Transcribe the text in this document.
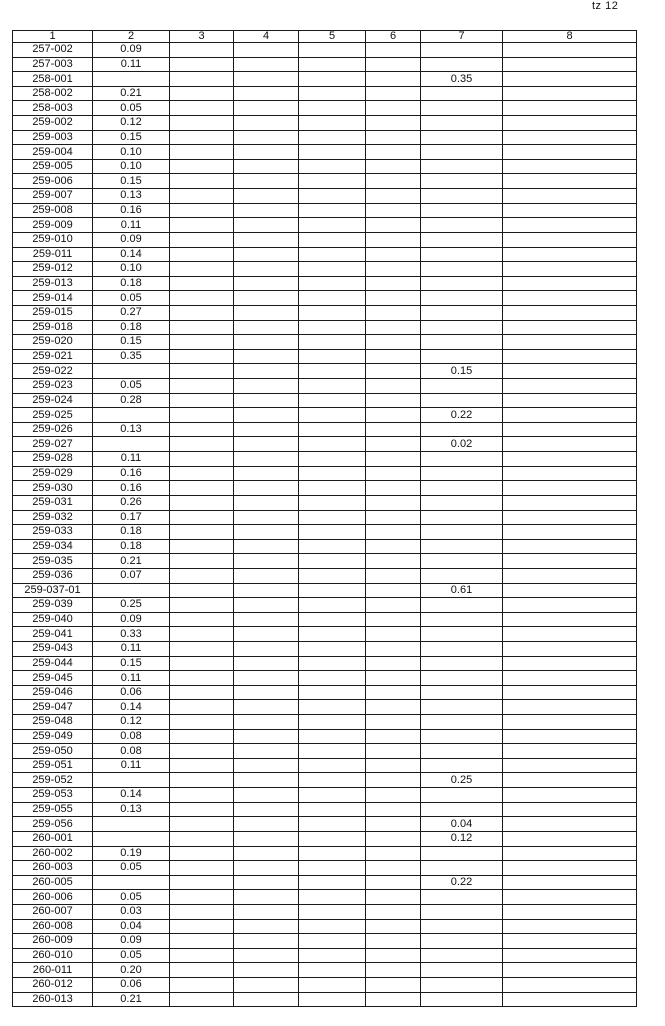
tz 12
1	2	3	4	5	6	7	8
257-002	0.09						
257-003	0.11						
258-001						0.35	
258-002	0.21						
258-003	0.05						
259-002	0.12						
259-003	0.15						
259-004	0.10						
259-005	0.10						
259-006	0.15						
259-007	0.13						
259-008	0.16						
259-009	0.11						
259-010	0.09						
259-011	0.14						
259-012	0.10						
259-013	0.18						
259-014	0.05						
259-015	0.27						
259-018	0.18						
259-020	0.15						
259-021	0.35						
259-022						0.15	
259-023	0.05						
259-024	0.28						
259-025						0.22	
259-026	0.13						
259-027						0.02	
259-028	0.11						
259-029	0.16						
259-030	0.16						
259-031	0.26						
259-032	0.17						
259-033	0.18						
259-034	0.18						
259-035	0.21						
259-036	0.07						
259-037-01						0.61	
259-039	0.25						
259-040	0.09						
259-041	0.33						
259-043	0.11						
259-044	0.15						
259-045	0.11						
259-046	0.06						
259-047	0.14						
259-048	0.12						
259-049	0.08						
259-050	0.08						
259-051	0.11						
259-052						0.25	
259-053	0.14						
259-055	0.13						
259-056						0.04	
260-001						0.12	
260-002	0.19						
260-003	0.05						
260-005						0.22	
260-006	0.05						
260-007	0.03						
260-008	0.04						
260-009	0.09						
260-010	0.05						
260-011	0.20						
260-012	0.06						
260-013	0.21						
